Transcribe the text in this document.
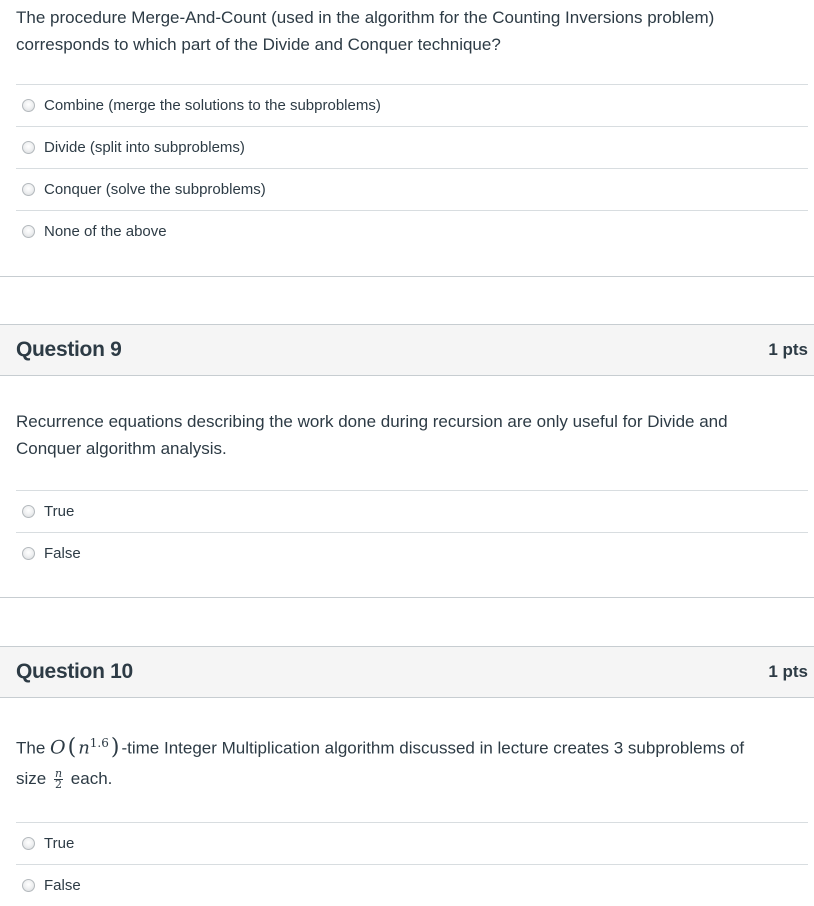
The procedure Merge-And-Count (used in the algorithm for the Counting Inversions problem) corresponds to which part of the Divide and Conquer technique?
Combine (merge the solutions to the subproblems)
Divide (split into subproblems)
Conquer (solve the subproblems)
None of the above
Question 9	1 pts
Recurrence equations describing the work done during recursion are only useful for Divide and Conquer algorithm analysis.
True
False
Question 10	1 pts
The O( $n^{1.6}$) -time Integer Multiplication algorithm discussed in lecture creates 3 subproblems of size $\frac{n}{2}$ each.
True
False
